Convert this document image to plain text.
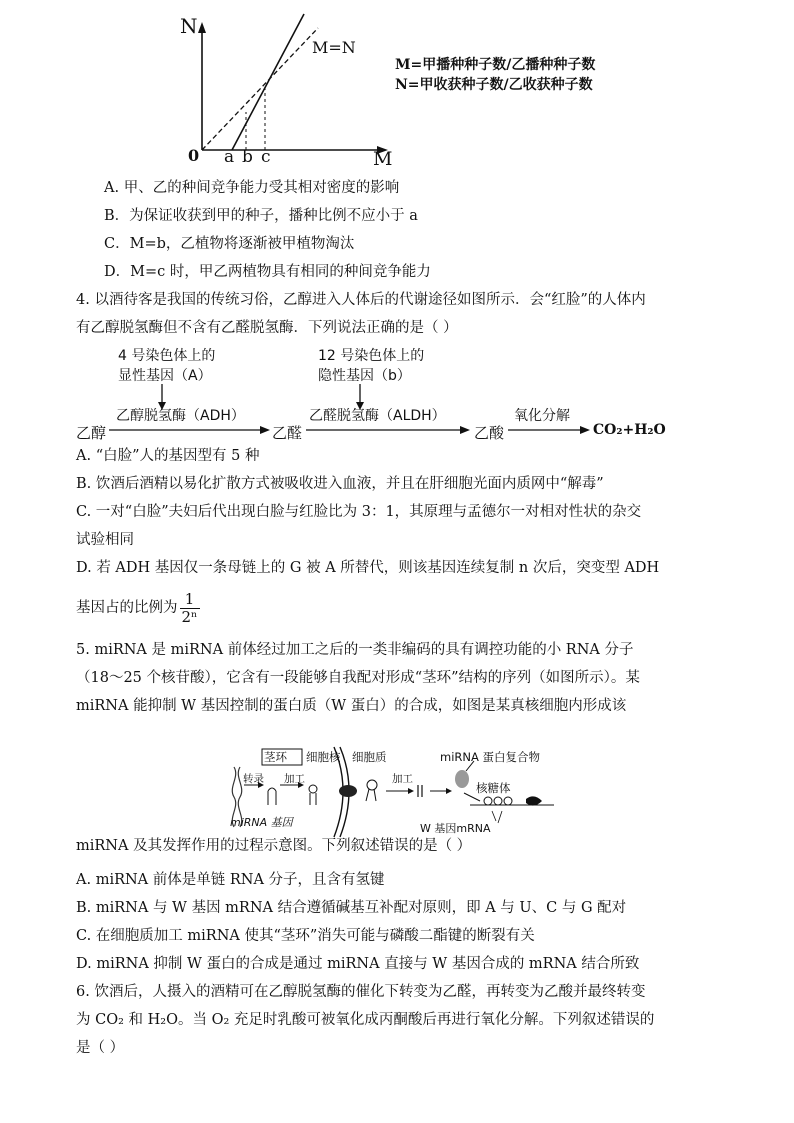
N
M=N
0 a b c	M
M=甲播种种子数/乙播种种子数
N=甲收获种子数/乙收获种子数
A. 甲、乙的种间竞争能力受其相对密度的影响
B．为保证收获到甲的种子，播种比例不应小于 a
C．M=b，乙植物将逐渐被甲植物淘汰
D．M=c 时，甲乙两植物具有相同的种间竞争能力
4. 以酒待客是我国的传统习俗，乙醇进入人体后的代谢途径如图所示．会“红脸”的人体内
有乙醇脱氢酶但不含有乙醛脱氢酶．下列说法正确的是（ ）
4 号染色体上的
显性基因（A）
12 号染色体上的
隐性基因（b）
乙醇脱氢酶（ADH）	乙醛脱氢酶（ALDH）	氧化分解
乙醇	乙醛	乙酸	CO₂+H₂O
A. “白脸”人的基因型有 5 种
B. 饮酒后酒精以易化扩散方式被吸收进入血液，并且在肝细胞光面内质网中“解毒”
C. 一对“白脸”夫妇后代出现白脸与红脸比为 3：1，其原理与孟德尔一对相对性状的杂交
试验相同
D. 若 ADH 基因仅一条母链上的 G 被 A 所替代，则该基因连续复制 n 次后，突变型 ADH
基因占的比例为 $\frac{1}{\text{2ⁿ}}$
5. miRNA 是 miRNA 前体经过加工之后的一类非编码的具有调控功能的小 RNA 分子
（18～25 个核苷酸），它含有一段能够自我配对形成“茎环”结构的序列（如图所示）。某
miRNA 能抑制 W 基因控制的蛋白质（W 蛋白）的合成，如图是某真核细胞内形成该
茎环 细胞核 细胞质	miRNA 蛋白复合物
转录 加工	加工
核糖体
miRNA 基因	W 基因mRNA
miRNA 及其发挥作用的过程示意图。下列叙述错误的是（ ）
A. miRNA 前体是单链 RNA 分子，且含有氢键
B. miRNA 与 W 基因 mRNA 结合遵循碱基互补配对原则，即 A 与 U、C 与 G 配对
C. 在细胞质加工 miRNA 使其“茎环”消失可能与磷酸二酯键的断裂有关
D. miRNA 抑制 W 蛋白的合成是通过 miRNA 直接与 W 基因合成的 mRNA 结合所致
6. 饮酒后，人摄入的酒精可在乙醇脱氢酶的催化下转变为乙醛，再转变为乙酸并最终转变
为 CO₂ 和 H₂O。当 O₂ 充足时乳酸可被氧化成丙酮酸后再进行氧化分解。下列叙述错误的
是（ ）
